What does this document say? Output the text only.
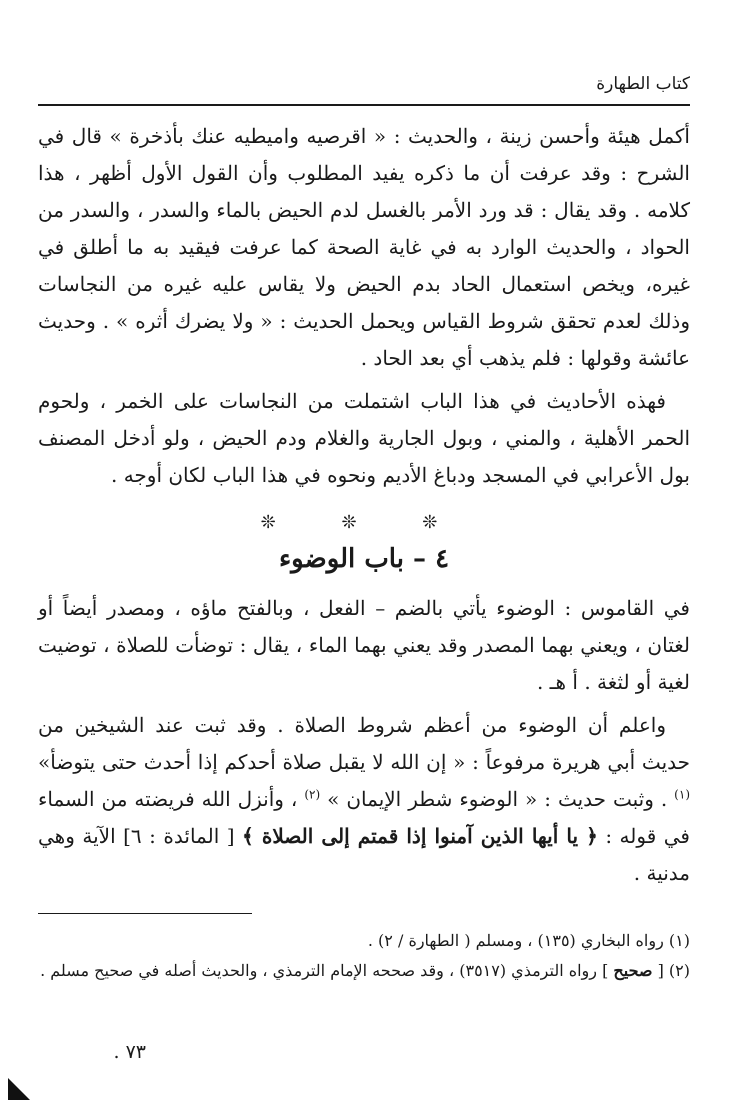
كتاب الطهارة

أكمل هيئة وأحسن زينة ، والحديث : « اقرصيه واميطيه عنك بأذخرة » قال في الشرح : وقد عرفت أن ما ذكره يفيد المطلوب وأن القول الأول أظهر ، هذا كلامه . وقد يقال : قد ورد الأمر بالغسل لدم الحيض بالماء والسدر ، والسدر من الحواد ، والحديث الوارد به في غاية الصحة كما عرفت فيقيد به ما أطلق في غيره، ويخص استعمال الحاد بدم الحيض ولا يقاس عليه غيره من النجاسات وذلك لعدم تحقق شروط القياس ويحمل الحديث : « ولا يضرك أثره » . وحديث عائشة وقولها : فلم يذهب أي بعد الحاد .

فهذه الأحاديث في هذا الباب اشتملت من النجاسات على الخمر ، ولحوم الحمر الأهلية ، والمني ، وبول الجارية والغلام ودم الحيض ، ولو أدخل المصنف بول الأعرابي في المسجد ودباغ الأديم ونحوه في هذا الباب لكان أوجه .

❊ ❊ ❊
٤ – باب الوضوء

في القاموس : الوضوء يأتي بالضم – الفعل ، وبالفتح ماؤه ، ومصدر أيضاً أو لغتان ، ويعني بهما المصدر وقد يعني بهما الماء ، يقال : توضأت للصلاة ، توضيت لغية أو لثغة . أ هـ .

واعلم أن الوضوء من أعظم شروط الصلاة . وقد ثبت عند الشيخين من حديث أبي هريرة مرفوعاً : « إن الله لا يقبل صلاة أحدكم إذا أحدث حتى يتوضأ» $^{(١)}$ . وثبت حديث : « الوضوء شطر الإيمان » $^{(٢)}$ ، وأنزل الله فريضته من السماء في قوله : ﴿ يا أيها الذين آمنوا إذا قمتم إلى الصلاة ﴾ [ المائدة : ٦] الآية وهي مدنية .

(١) رواه البخاري (١٣٥) ، ومسلم ( الطهارة / ٢) .

(٢) [ صحيح ] رواه الترمذي (٣٥١٧) ، وقد صححه الإمام الترمذي ، والحديث أصله في صحيح مسلم .

٧٣ .
